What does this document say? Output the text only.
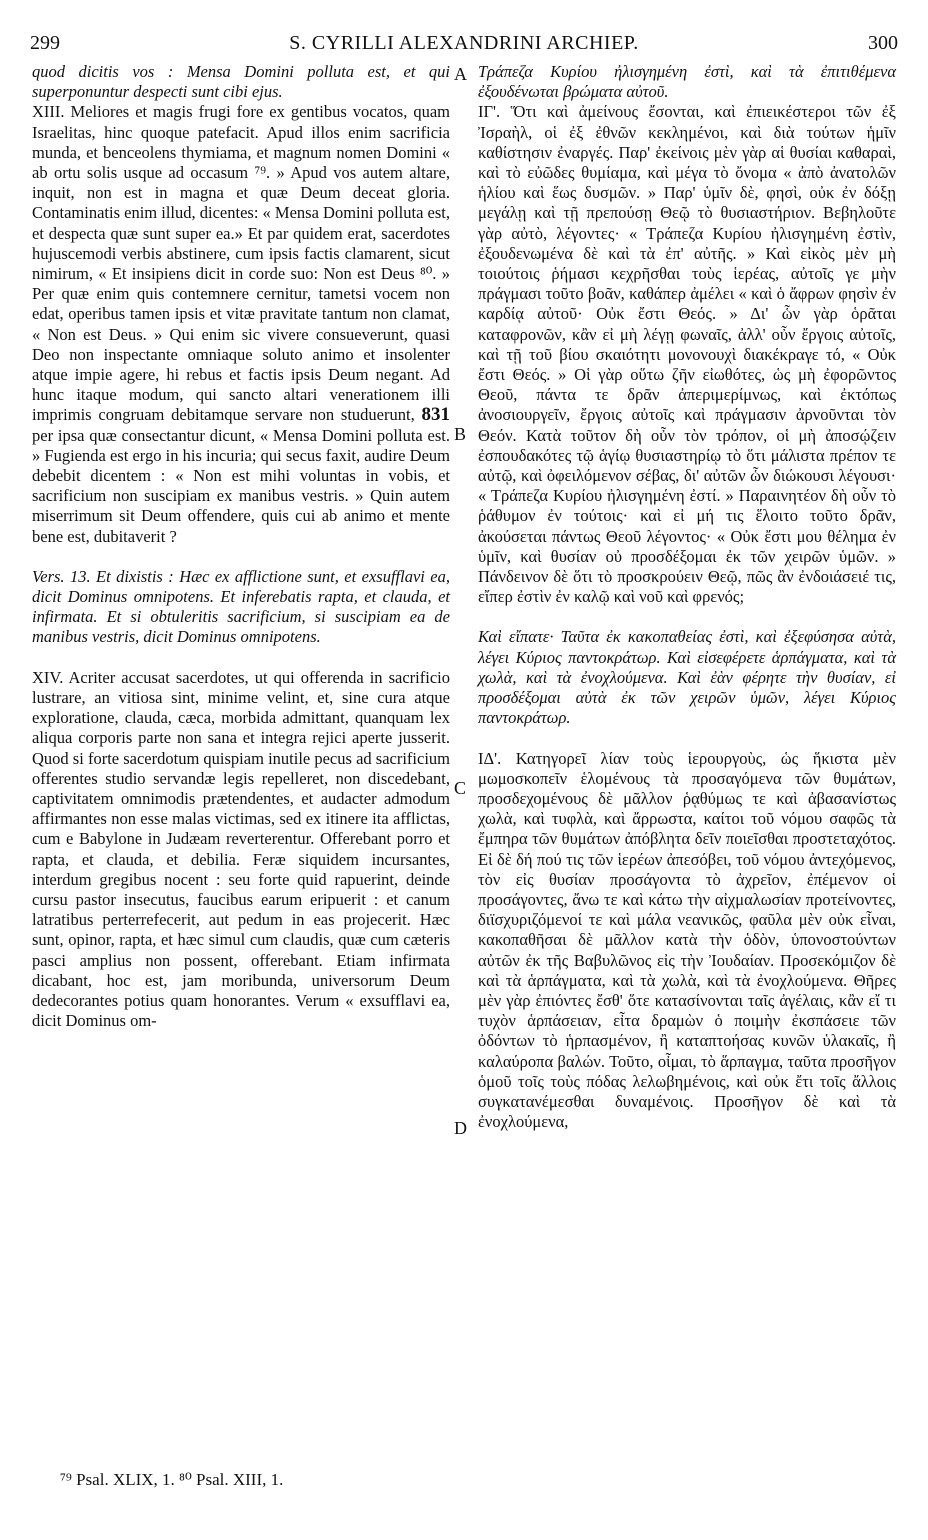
299	S. CYRILLI ALEXANDRINI ARCHIEP.	300
A
B
C
D

quod dicitis vos : Mensa Domini polluta est, et qui superponuntur despecti sunt cibi ejus.

XIII. Meliores et magis frugi fore ex gentibus vocatos, quam Israelitas, hinc quoque patefacit. Apud illos enim sacrificia munda, et benceolens thymiama, et magnum nomen Domini « ab ortu solis usque ad occasum ⁷⁹. » Apud vos autem altare, inquit, non est in magna et quæ Deum deceat gloria. Contaminatis enim illud, dicentes: « Mensa Domini polluta est, et despecta quæ sunt super ea.» Et par quidem erat, sacerdotes hujuscemodi verbis abstinere, cum ipsis factis clamarent, sicut nimirum, « Et insipiens dicit in corde suo: Non est Deus ⁸⁰. » Per quæ enim quis contemnere cernitur, tametsi vocem non edat, operibus tamen ipsis et vitæ pravitate tantum non clamat, « Non est Deus. » Qui enim sic vivere consueverunt, quasi Deo non inspectante omniaque soluto animo et insolenter atque impie agere, hi rebus et factis ipsis Deum negant. Ad hunc itaque modum, qui sancto altari venerationem illi imprimis congruam debitamque servare non studuerunt, 831 per ipsa quæ consectantur dicunt, « Mensa Domini polluta est. » Fugienda est ergo in his incuria; qui secus faxit, audire Deum debebit dicentem : « Non est mihi voluntas in vobis, et sacrificium non suscipiam ex manibus vestris. » Quin autem miserrimum sit Deum offendere, quis cui ab animo et mente bene est, dubitaverit ?

Vers. 13. Et dixistis : Hæc ex afflictione sunt, et exsufflavi ea, dicit Dominus omnipotens. Et inferebatis rapta, et clauda, et infirmata. Et si obtuleritis sacrificium, si suscipiam ea de manibus vestris, dicit Dominus omnipotens.

XIV. Acriter accusat sacerdotes, ut qui offerenda in sacrificio lustrare, an vitiosa sint, minime velint, et, sine cura atque exploratione, clauda, cæca, morbida admittant, quanquam lex aliqua corporis parte non sana et integra rejici aperte jusserit. Quod si forte sacerdotum quispiam inutile pecus ad sacrificium offerentes studio servandæ legis repelleret, non discedebant, captivitatem omnimodis prætendentes, et audacter admodum affirmantes non esse malas victimas, sed ex itinere ita afflictas, cum e Babylone in Judæam reverterentur. Offerebant porro et rapta, et clauda, et debilia. Feræ siquidem incursantes, interdum gregibus nocent : seu forte quid rapuerint, deinde cursu pastor insecutus, faucibus earum eripuerit : et canum latratibus perterrefecerit, aut pedum in eas projecerit. Hæc sunt, opinor, rapta, et hæc simul cum claudis, quæ cum cæteris pasci amplius non possent, offerebant. Etiam infirmata dicabant, hoc est, jam moribunda, universorum Deum dedecorantes potius quam honorantes. Verum « exsufflavi ea, dicit Dominus om-

Τράπεζα Κυρίου ἠλισγημένη ἐστὶ, καὶ τὰ ἐπιτιθέμενα ἐξουδένωται βρώματα αὐτοῦ.

ΙΓ'. Ὅτι καὶ ἀμείνους ἔσονται, καὶ ἐπιεικέστεροι τῶν ἐξ Ἰσραὴλ, οἱ ἐξ ἐθνῶν κεκλημένοι, καὶ διὰ τούτων ἡμῖν καθίστησιν ἐναργές. Παρ' ἐκείνοις μὲν γὰρ αἱ θυσίαι καθαραὶ, καὶ τὸ εὐῶδες θυμίαμα, καὶ μέγα τὸ ὄνομα « ἀπὸ ἀνατολῶν ἡλίου καὶ ἕως δυσμῶν. » Παρ' ὑμῖν δὲ, φησὶ, οὐκ ἐν δόξῃ μεγάλῃ καὶ τῇ πρεπούσῃ Θεῷ τὸ θυσιαστήριον. Βεβηλοῦτε γὰρ αὐτὸ, λέγοντες· « Τράπεζα Κυρίου ἠλισγημένη ἐστὶν, ἐξουδενωμένα δὲ καὶ τὰ ἐπ' αὐτῆς. » Καὶ εἰκὸς μὲν μὴ τοιούτοις ῥήμασι κεχρῆσθαι τοὺς ἱερέας, αὐτοῖς γε μὴν πράγμασι τοῦτο βοᾶν, καθάπερ ἀμέλει « καὶ ὁ ἄφρων φησὶν ἐν καρδίᾳ αὐτοῦ· Οὐκ ἔστι Θεός. » Δι' ὧν γὰρ ὁρᾶται καταφρονῶν, κἂν εἰ μὴ λέγῃ φωναῖς, ἀλλ' οὖν ἔργοις αὐτοῖς, καὶ τῇ τοῦ βίου σκαιότητι μονονουχὶ διακέκραγε τό, « Οὐκ ἔστι Θεός. » Οἱ γὰρ οὕτω ζῆν εἰωθότες, ὡς μὴ ἐφορῶντος Θεοῦ, πάντα τε δρᾶν ἀπεριμερίμνως, καὶ ἐκτόπως ἀνοσιουργεῖν, ἔργοις αὐτοῖς καὶ πράγμασιν ἀρνοῦνται τὸν Θεόν. Κατὰ τοῦτον δὴ οὖν τὸν τρόπον, οἱ μὴ ἀποσῴζειν ἐσπουδακότες τῷ ἁγίῳ θυσιαστηρίῳ τὸ ὅτι μάλιστα πρέπον τε αὐτῷ, καὶ ὀφειλόμενον σέβας, δι' αὐτῶν ὧν διώκουσι λέγουσι· « Τράπεζα Κυρίου ἠλισγημένη ἐστί. » Παραινητέον δὴ οὖν τὸ ῥάθυμον ἐν τούτοις· καὶ εἰ μή τις ἕλοιτο τοῦτο δρᾶν, ἀκούσεται πάντως Θεοῦ λέγοντος· « Οὐκ ἔστι μου θέλημα ἐν ὑμῖν, καὶ θυσίαν οὐ προσδέξομαι ἐκ τῶν χειρῶν ὑμῶν. » Πάνδεινον δὲ ὅτι τὸ προσκρούειν Θεῷ, πῶς ἂν ἐνδοιάσειέ τις, εἴπερ ἐστὶν ἐν καλῷ καὶ νοῦ καὶ φρενός;

Καὶ εἴπατε· Ταῦτα ἐκ κακοπαθείας ἐστὶ, καὶ ἐξεφύσησα αὐτὰ, λέγει Κύριος παντοκράτωρ. Καὶ εἰσεφέρετε ἁρπάγματα, καὶ τὰ χωλὰ, καὶ τὰ ἐνοχλούμενα. Καὶ ἐὰν φέρητε τὴν θυσίαν, εἰ προσδέξομαι αὐτὰ ἐκ τῶν χειρῶν ὑμῶν, λέγει Κύριος παντοκράτωρ.

ΙΔ'. Κατηγορεῖ λίαν τοὺς ἱερουργοὺς, ὡς ἥκιστα μὲν μωμοσκοπεῖν ἑλομένους τὰ προσαγόμενα τῶν θυμάτων, προσδεχομένους δὲ μᾶλλον ῥᾳθύμως τε καὶ ἀβασανίστως χωλὰ, καὶ τυφλὰ, καὶ ἄρρωστα, καίτοι τοῦ νόμου σαφῶς τὰ ἔμπηρα τῶν θυμάτων ἀπόβλητα δεῖν ποιεῖσθαι προστεταχότος. Εἰ δὲ δή πού τις τῶν ἱερέων ἀπεσόβει, τοῦ νόμου ἀντεχόμενος, τὸν εἰς θυσίαν προσάγοντα τὸ ἀχρεῖον, ἐπέμενον οἱ προσάγοντες, ἄνω τε καὶ κάτω τὴν αἰχμαλωσίαν προτείνοντες, διϊσχυριζόμενοί τε καὶ μάλα νεανικῶς, φαῦλα μὲν οὐκ εἶναι, κακοπαθῆσαι δὲ μᾶλλον κατὰ τὴν ὁδὸν, ὑπονοστούντων αὐτῶν ἐκ τῆς Βαβυλῶνος εἰς τὴν Ἰουδαίαν. Προσεκόμιζον δὲ καὶ τὰ ἁρπάγματα, καὶ τὰ χωλὰ, καὶ τὰ ἐνοχλούμενα. Θῆρες μὲν γὰρ ἐπιόντες ἔσθ' ὅτε κατασίνονται ταῖς ἀγέλαις, κἂν εἴ τι τυχὸν ἁρπάσειαν, εἶτα δραμὼν ὁ ποιμὴν ἐκσπάσειε τῶν ὀδόντων τὸ ἡρπασμένον, ἢ καταπτοήσας κυνῶν ὑλακαῖς, ἢ καλαύροπα βαλών. Τοῦτο, οἶμαι, τὸ ἅρπαγμα, ταῦτα προσῆγον ὁμοῦ τοῖς τοὺς πόδας λελωβημένοις, καὶ οὐκ ἔτι τοῖς ἄλλοις συγκατανέμεσθαι δυναμένοις. Προσῆγον δὲ καὶ τὰ ἐνοχλούμενα,

⁷⁹ Psal. XLIX, 1. ⁸⁰ Psal. XIII, 1.
